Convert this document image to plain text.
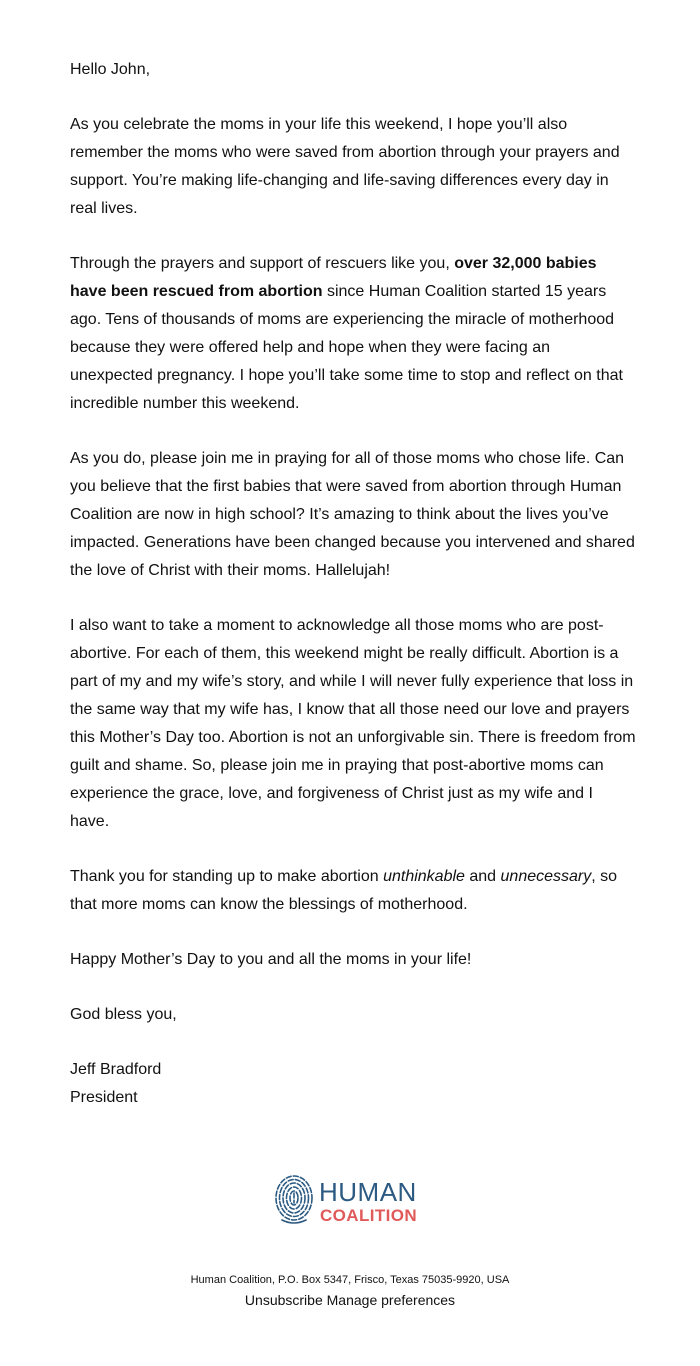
Hello John,

As you celebrate the moms in your life this weekend, I hope you’ll also remember the moms who were saved from abortion through your prayers and support. You’re making life-changing and life-saving differences every day in real lives.

Through the prayers and support of rescuers like you, over 32,000 babies have been rescued from abortion since Human Coalition started 15 years ago. Tens of thousands of moms are experiencing the miracle of motherhood because they were offered help and hope when they were facing an unexpected pregnancy. I hope you’ll take some time to stop and reflect on that incredible number this weekend.

As you do, please join me in praying for all of those moms who chose life. Can you believe that the first babies that were saved from abortion through Human Coalition are now in high school? It’s amazing to think about the lives you’ve impacted. Generations have been changed because you intervened and shared the love of Christ with their moms. Hallelujah!

I also want to take a moment to acknowledge all those moms who are post-abortive. For each of them, this weekend might be really difficult. Abortion is a part of my and my wife’s story, and while I will never fully experience that loss in the same way that my wife has, I know that all those need our love and prayers this Mother’s Day too. Abortion is not an unforgivable sin. There is freedom from guilt and shame. So, please join me in praying that post-abortive moms can experience the grace, love, and forgiveness of Christ just as my wife and I have.

Thank you for standing up to make abortion unthinkable and unnecessary, so that more moms can know the blessings of motherhood.

Happy Mother’s Day to you and all the moms in your life!

God bless you,

Jeff Bradford

President

HUMAN
COALITION
Human Coalition, P.O. Box 5347, Frisco, Texas 75035-9920, USA
Unsubscribe Manage preferences
